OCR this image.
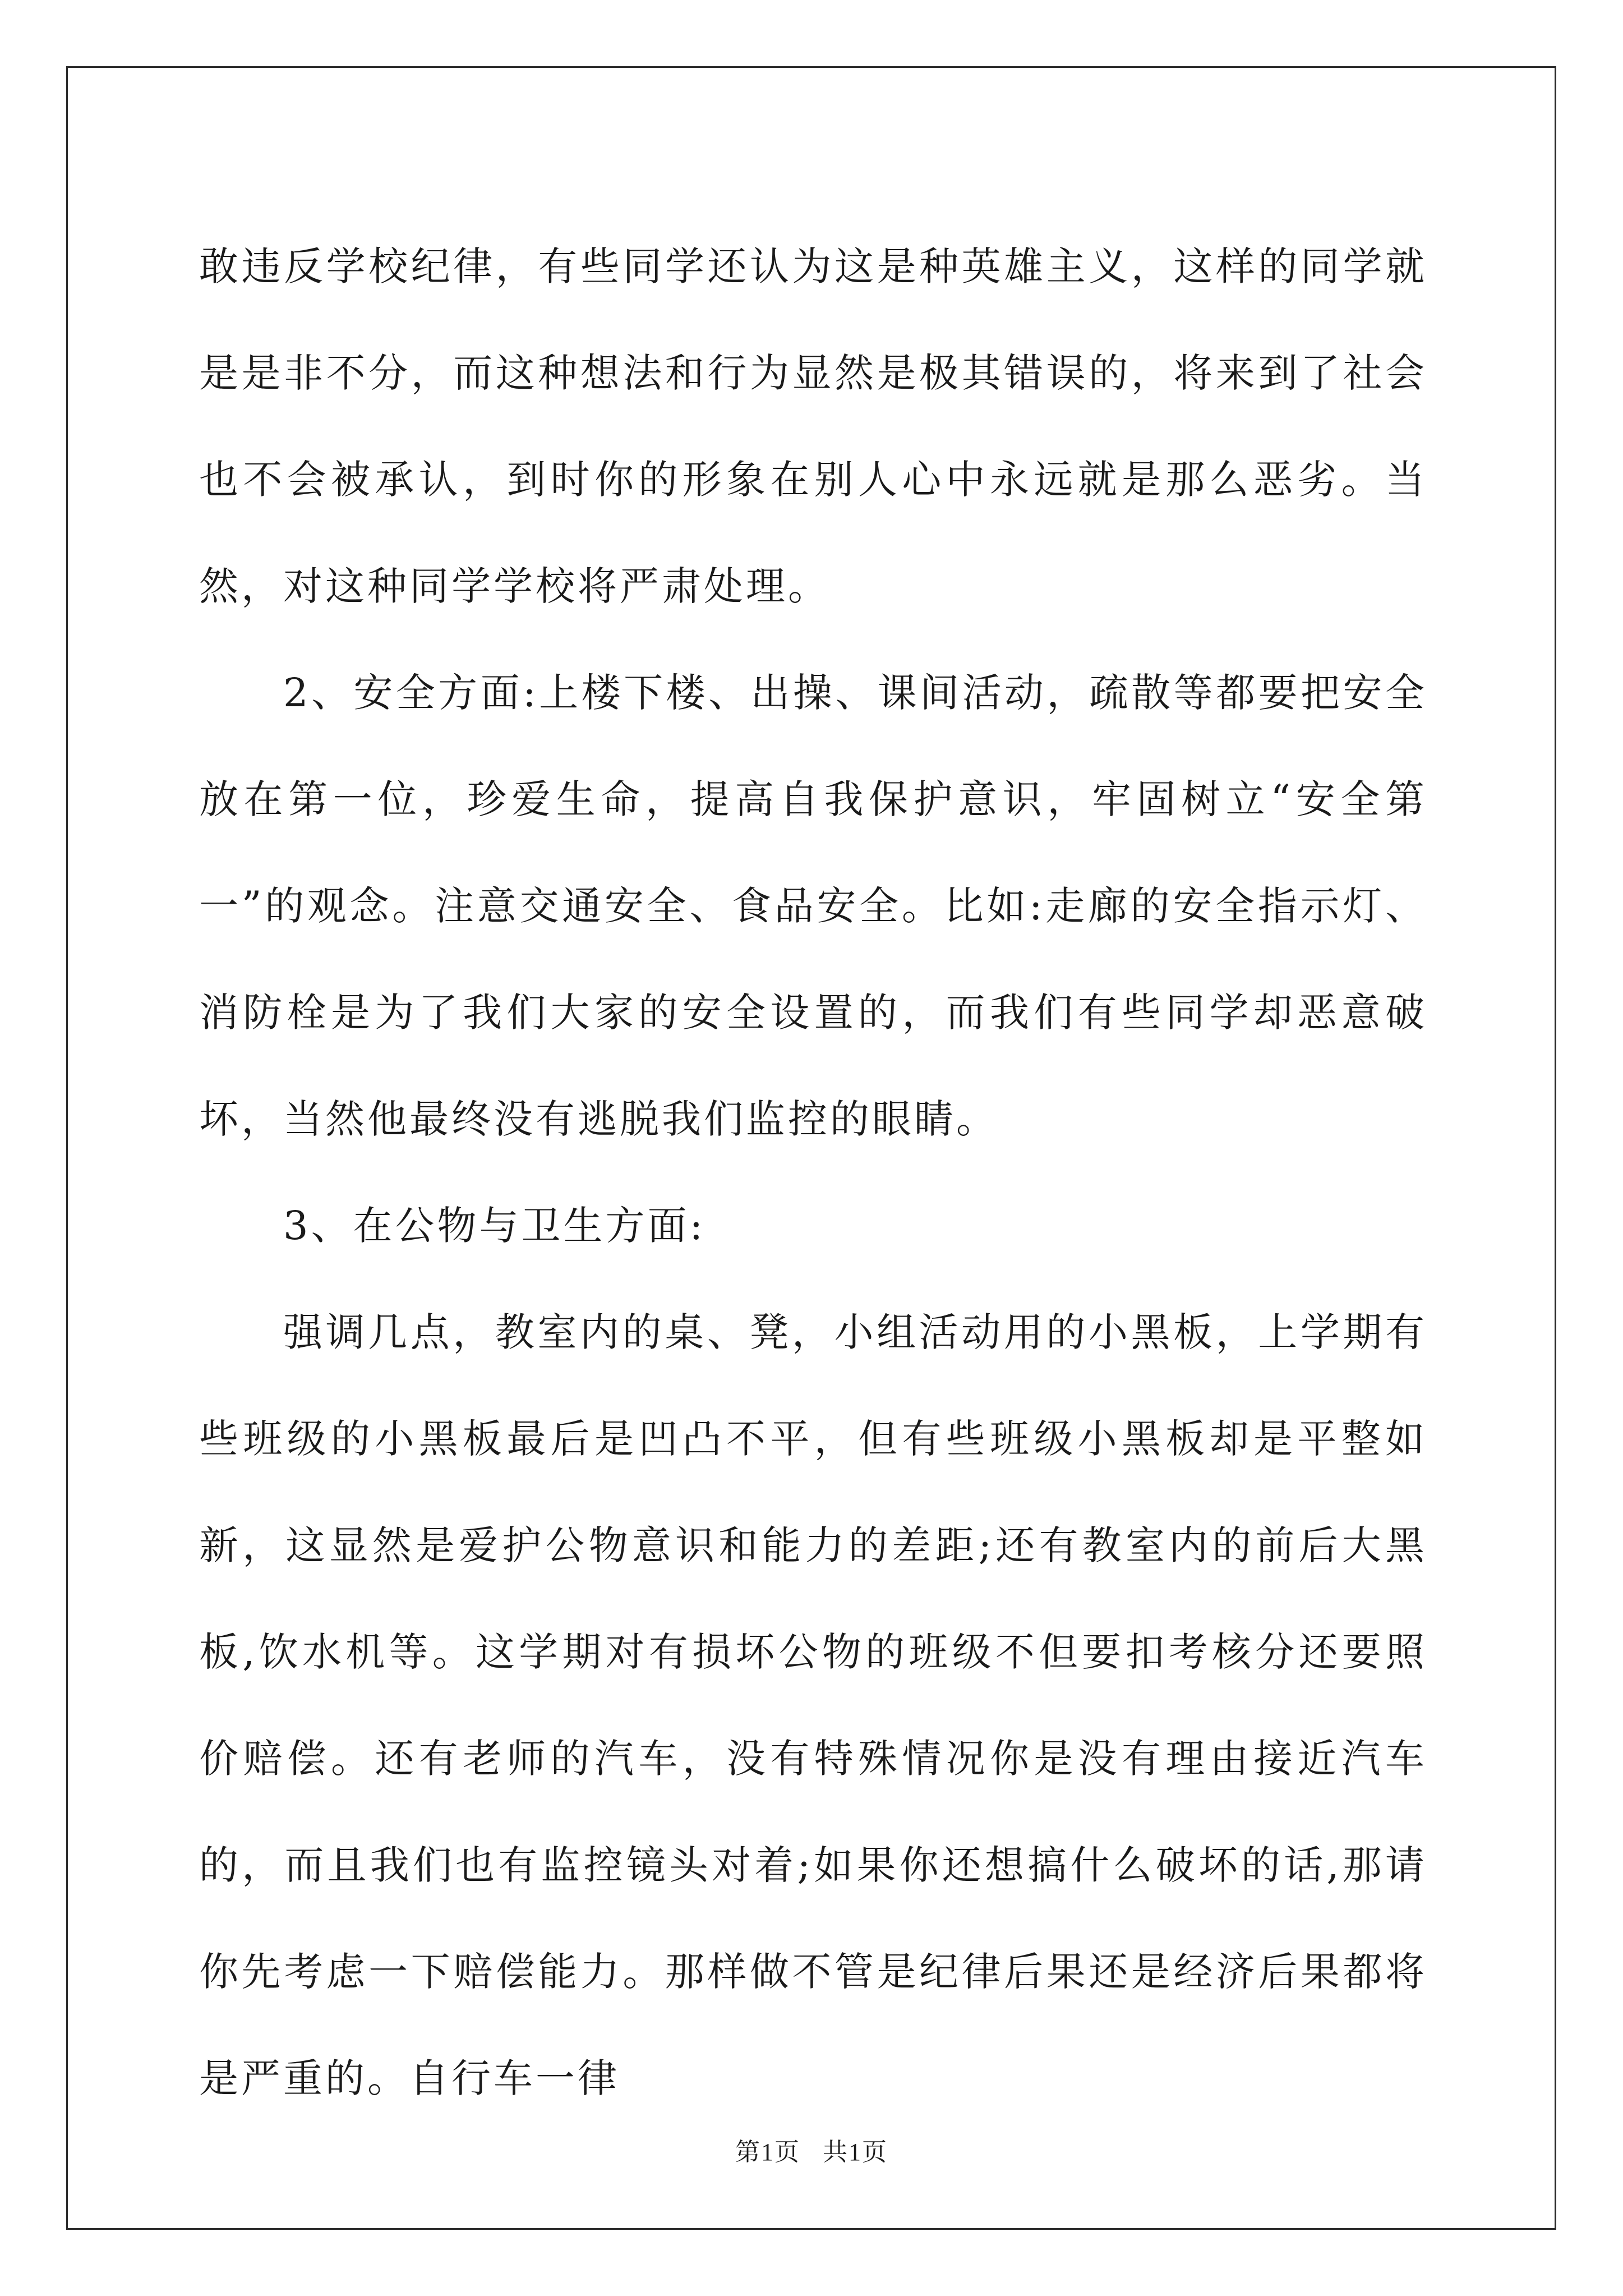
敢违反学校纪律，有些同学还认为这是种英雄主义，这样的同学就是是非不分，而这种想法和行为显然是极其错误的，将来到了社会也不会被承认，到时你的形象在别人心中永远就是那么恶劣。当然，对这种同学学校将严肃处理。

2、安全方面:上楼下楼、出操、课间活动，疏散等都要把安全放在第一位，珍爱生命，提高自我保护意识，牢固树立“安全第一”的观念。注意交通安全、食品安全。比如:走廊的安全指示灯、消防栓是为了我们大家的安全设置的，而我们有些同学却恶意破坏，当然他最终没有逃脱我们监控的眼睛。

3、在公物与卫生方面:

强调几点，教室内的桌、凳，小组活动用的小黑板，上学期有些班级的小黑板最后是凹凸不平，但有些班级小黑板却是平整如新，这显然是爱护公物意识和能力的差距;还有教室内的前后大黑板,饮水机等。这学期对有损坏公物的班级不但要扣考核分还要照价赔偿。还有老师的汽车，没有特殊情况你是没有理由接近汽车的，而且我们也有监控镜头对着;如果你还想搞什么破坏的话,那请你先考虑一下赔偿能力。那样做不管是纪律后果还是经济后果都将是严重的。自行车一律

第1页 共1页
